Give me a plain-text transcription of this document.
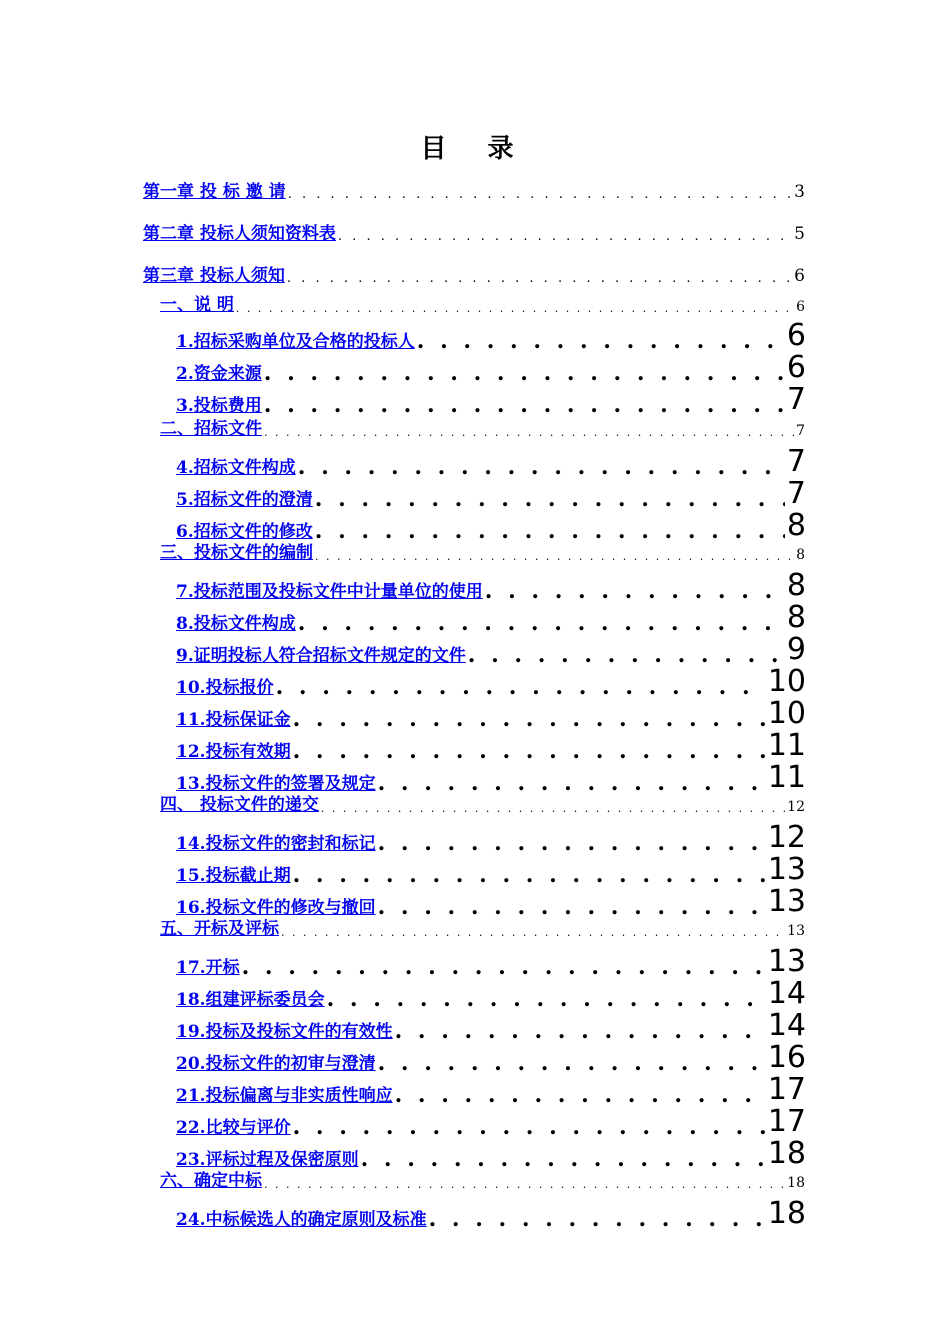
目 录
第一章 投 标 邀 请 . . .	3
第二章 投标人须知资料表 . . .	5
第三章 投标人须知 . . .	6
一、说 明 . . .	6
1. 招标采购单位及合格的投标人 . . .	6
2. 资金来源 . . .	6
3. 投标费用 . . .	7
二、招标文件 . . .	7
4. 招标文件构成 . . .	7
5. 招标文件的澄清 . . .	7
6. 招标文件的修改 . . .	8
三、投标文件的编制 . . .	8
7. 投标范围及投标文件中计量单位的使用 . . .	8
8. 投标文件构成 . . .	8
9. 证明投标人符合招标文件规定的文件 . . .	9
10. 投标报价 . . .	10
11. 投标保证金 . . .	10
12. 投标有效期 . . .	11
13. 投标文件的签署及规定 . . .	11
四、 投标文件的递交 . . .	12
14. 投标文件的密封和标记 . . .	12
15. 投标截止期 . . .	13
16. 投标文件的修改与撤回 . . .	13
五、开标及评标 . . .	13
17. 开标 . . .	13
18. 组建评标委员会 . . .	14
19. 投标及投标文件的有效性 . . .	14
20. 投标文件的初审与澄清 . . .	16
21. 投标偏离与非实质性响应 . . .	17
22. 比较与评价 . . .	17
23. 评标过程及保密原则 . . .	18
六、确定中标 . . .	18
24. 中标候选人的确定原则及标准 . . .	18
